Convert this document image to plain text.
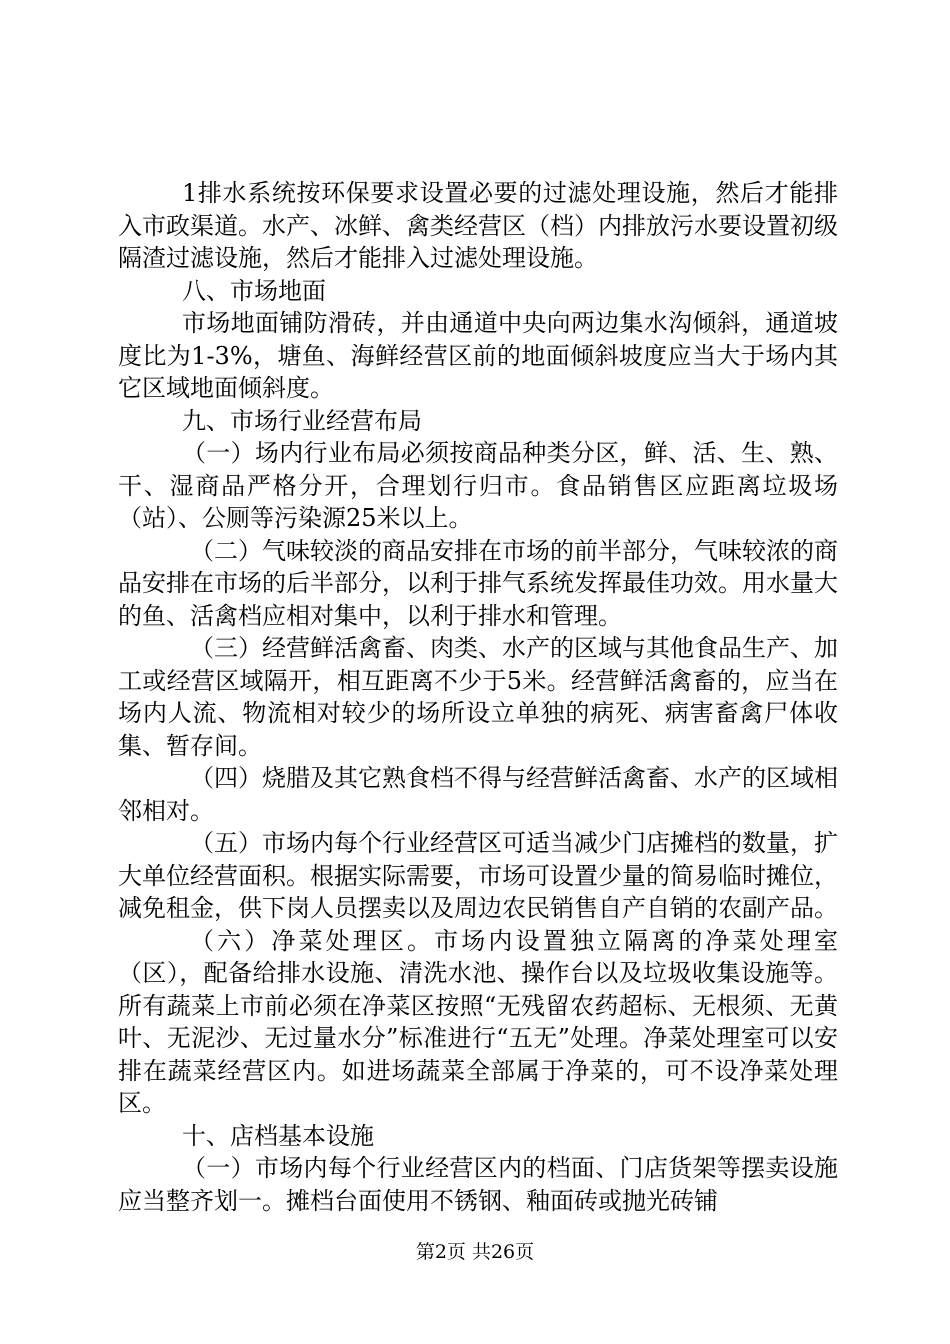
1排水系统按环保要求设置必要的过滤处理设施，然后才能排入市政渠道。水产、冰鲜、禽类经营区（档）内排放污水要设置初级隔渣过滤设施，然后才能排入过滤处理设施。

八、市场地面

市场地面铺防滑砖，并由通道中央向两边集水沟倾斜，通道坡度比为1-3%，塘鱼、海鲜经营区前的地面倾斜坡度应当大于场内其它区域地面倾斜度。

九、市场行业经营布局

（一）场内行业布局必须按商品种类分区，鲜、活、生、熟、干、湿商品严格分开，合理划行归市。食品销售区应距离垃圾场（站）、公厕等污染源25米以上。

（二）气味较淡的商品安排在市场的前半部分，气味较浓的商品安排在市场的后半部分，以利于排气系统发挥最佳功效。用水量大的鱼、活禽档应相对集中，以利于排水和管理。

（三）经营鲜活禽畜、肉类、水产的区域与其他食品生产、加工或经营区域隔开，相互距离不少于5米。经营鲜活禽畜的，应当在场内人流、物流相对较少的场所设立单独的病死、病害畜禽尸体收集、暂存间。

（四）烧腊及其它熟食档不得与经营鲜活禽畜、水产的区域相邻相对。

（五）市场内每个行业经营区可适当减少门店摊档的数量，扩大单位经营面积。根据实际需要，市场可设置少量的简易临时摊位，减免租金，供下岗人员摆卖以及周边农民销售自产自销的农副产品。

（六）净菜处理区。市场内设置独立隔离的净菜处理室（区），配备给排水设施、清洗水池、操作台以及垃圾收集设施等。所有蔬菜上市前必须在净菜区按照“无残留农药超标、无根须、无黄叶、无泥沙、无过量水分”标准进行“五无”处理。净菜处理室可以安排在蔬菜经营区内。如进场蔬菜全部属于净菜的，可不设净菜处理区。

十、店档基本设施

（一）市场内每个行业经营区内的档面、门店货架等摆卖设施应当整齐划一。摊档台面使用不锈钢、釉面砖或抛光砖铺

第2页 共26页
